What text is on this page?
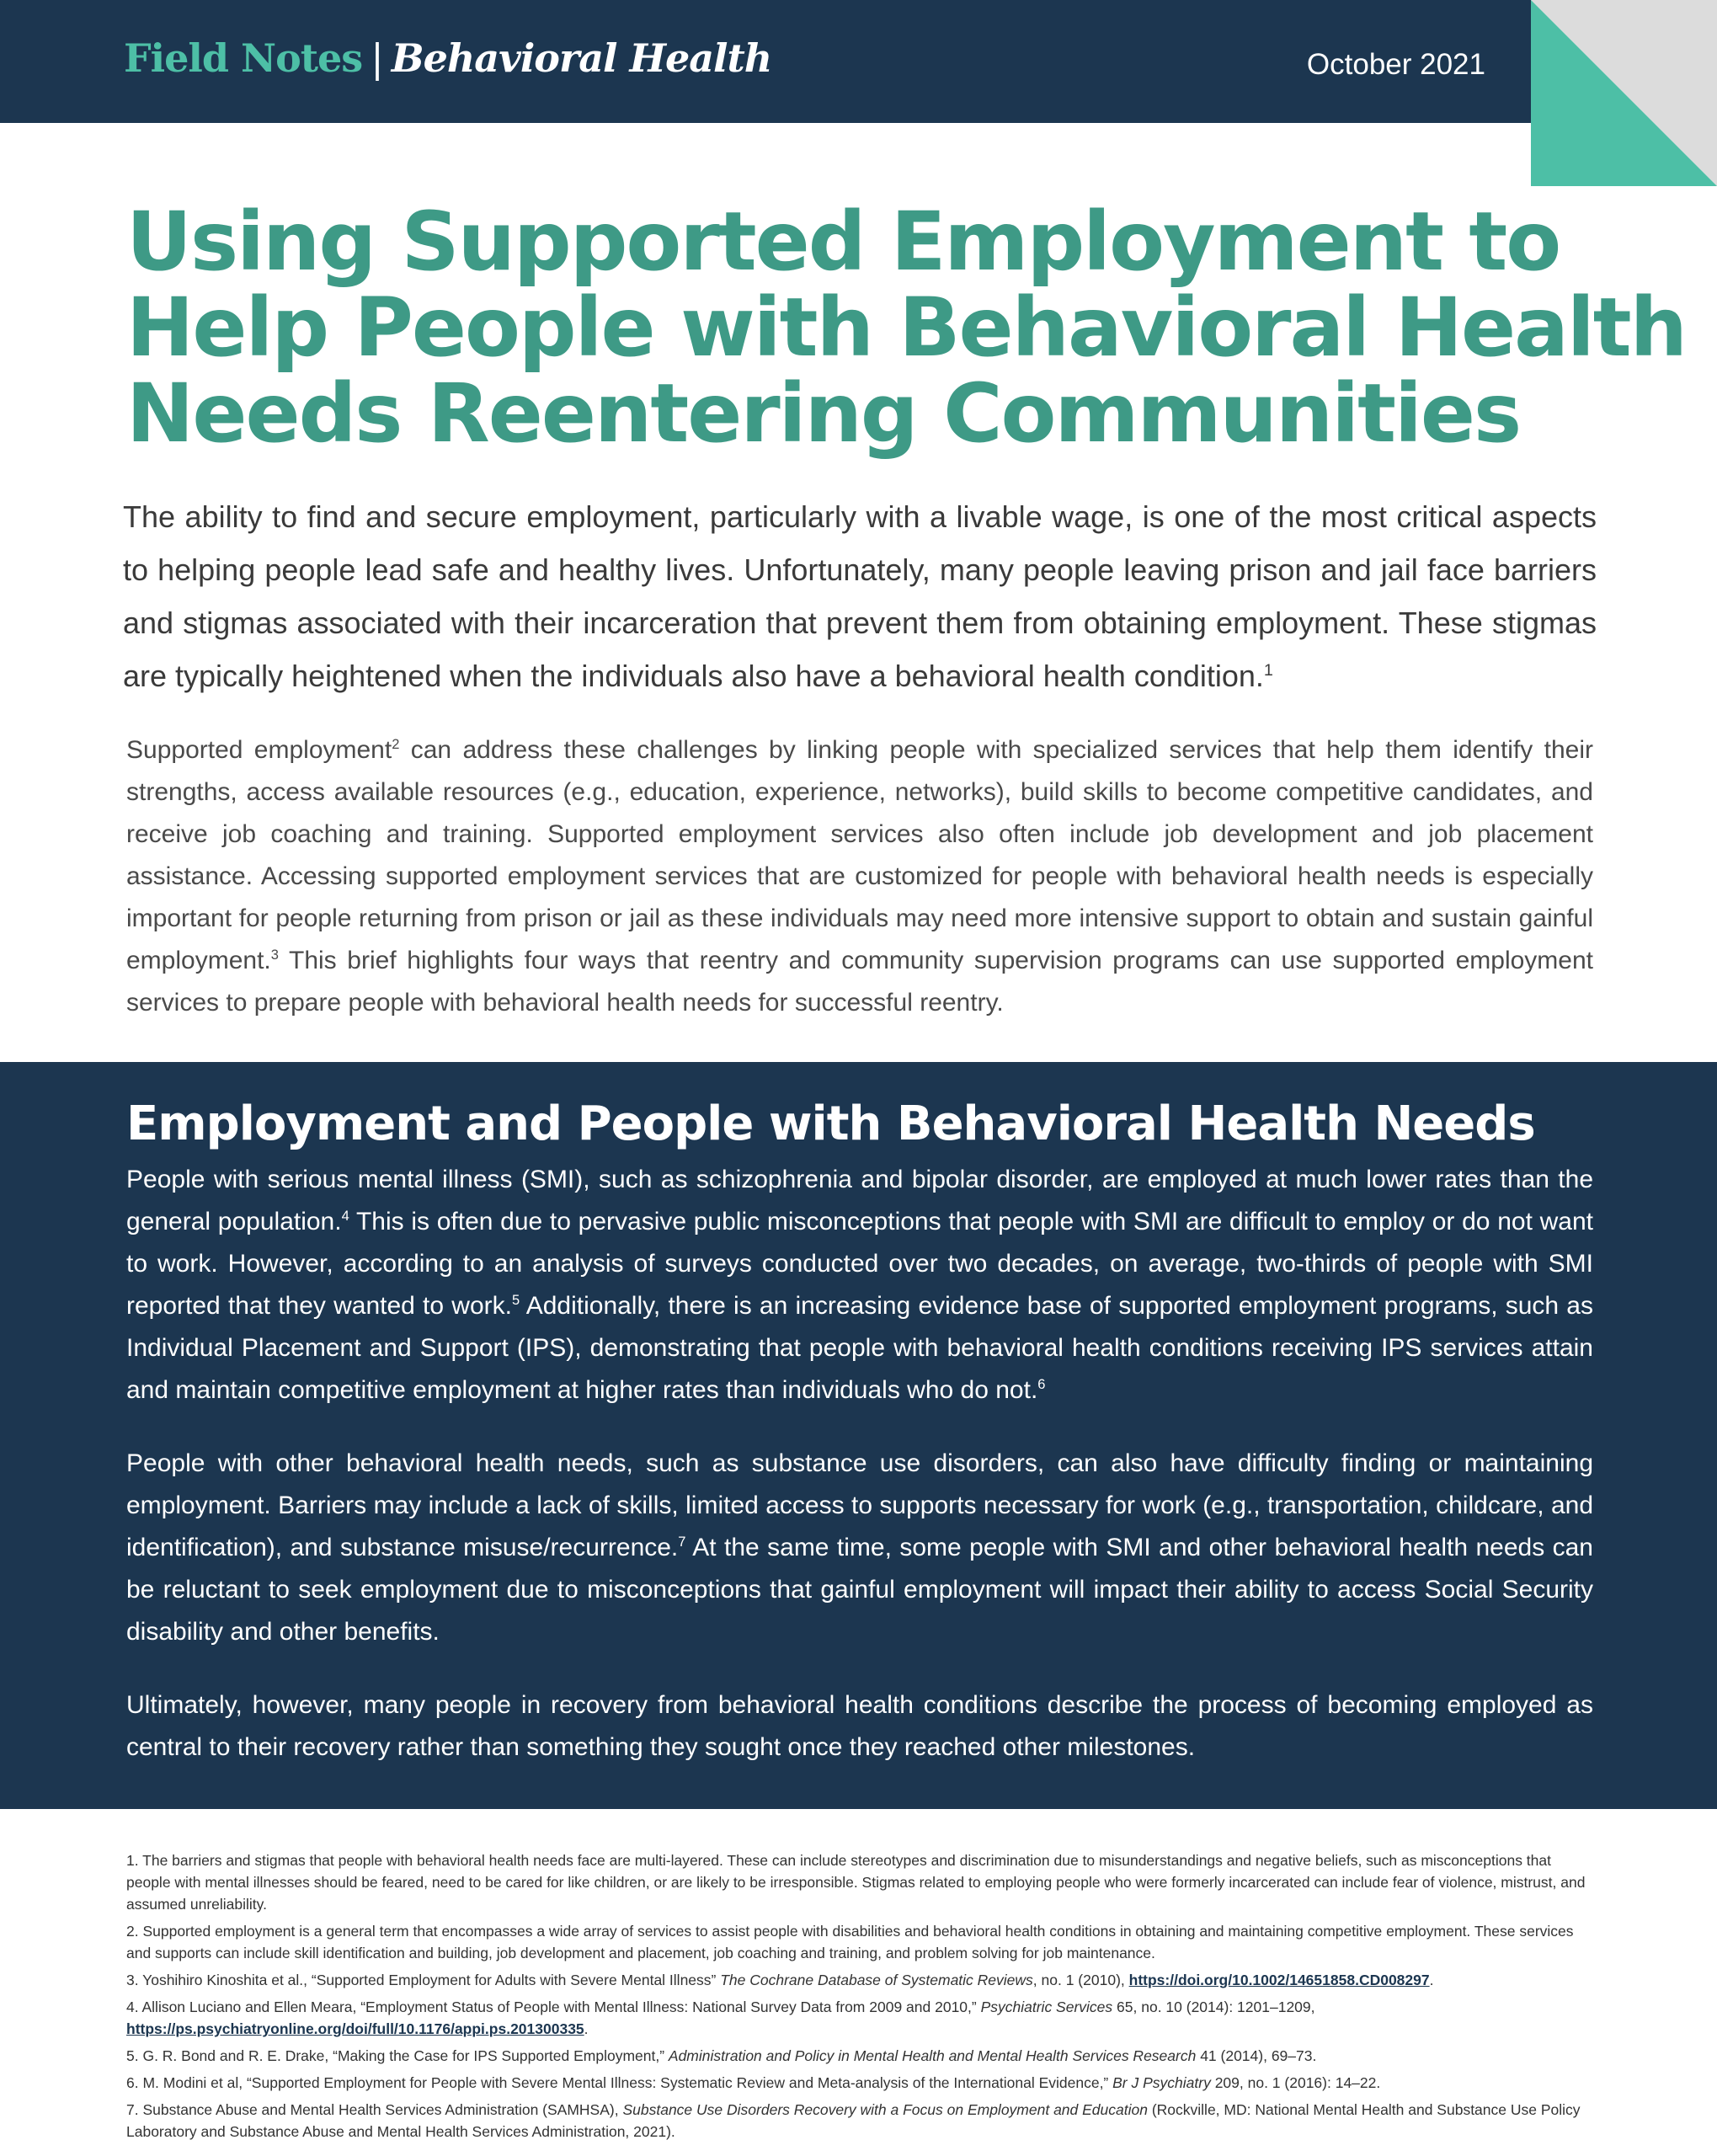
Field Notes | Behavioral Health	October 2021
Using Supported Employment to
Help People with Behavioral Health
Needs Reentering Communities

The ability to find and secure employment, particularly with a livable wage, is one of the most critical aspects to helping people lead safe and healthy lives. Unfortunately, many people leaving prison and jail face barriers and stigmas associated with their incarceration that prevent them from obtaining employment. These stigmas are typically heightened when the individuals also have a behavioral health condition.$^1$

Supported employment$^2$ can address these challenges by linking people with specialized services that help them identify their strengths, access available resources (e.g., education, experience, networks), build skills to become competitive candidates, and receive job coaching and training. Supported employment services also often include job development and job placement assistance. Accessing supported employment services that are customized for people with behavioral health needs is especially important for people returning from prison or jail as these individuals may need more intensive support to obtain and sustain gainful employment.$^3$ This brief highlights four ways that reentry and community supervision programs can use supported employment services to prepare people with behavioral health needs for successful reentry.

Employment and People with Behavioral Health Needs

People with serious mental illness (SMI), such as schizophrenia and bipolar disorder, are employed at much lower rates than the general population.$^4$ This is often due to pervasive public misconceptions that people with SMI are difficult to employ or do not want to work. However, according to an analysis of surveys conducted over two decades, on average, two-thirds of people with SMI reported that they wanted to work.$^5$ Additionally, there is an increasing evidence base of supported employment programs, such as Individual Placement and Support (IPS), demonstrating that people with behavioral health conditions receiving IPS services attain and maintain competitive employment at higher rates than individuals who do not.$^6$

People with other behavioral health needs, such as substance use disorders, can also have difficulty finding or maintaining employment. Barriers may include a lack of skills, limited access to supports necessary for work (e.g., transportation, childcare, and identification), and substance misuse/recurrence.$^7$ At the same time, some people with SMI and other behavioral health needs can be reluctant to seek employment due to misconceptions that gainful employment will impact their ability to access Social Security disability and other benefits.

Ultimately, however, many people in recovery from behavioral health conditions describe the process of becoming employed as central to their recovery rather than something they sought once they reached other milestones.

1. The barriers and stigmas that people with behavioral health needs face are multi-layered. These can include stereotypes and discrimination due to misunderstandings and negative beliefs, such as misconceptions that people with mental illnesses should be feared, need to be cared for like children, or are likely to be irresponsible. Stigmas related to employing people who were formerly incarcerated can include fear of violence, mistrust, and assumed unreliability.

2. Supported employment is a general term that encompasses a wide array of services to assist people with disabilities and behavioral health conditions in obtaining and maintaining competitive employment. These services and supports can include skill identification and building, job development and placement, job coaching and training, and problem solving for job maintenance.

3. Yoshihiro Kinoshita et al., “Supported Employment for Adults with Severe Mental Illness” The Cochrane Database of Systematic Reviews, no. 1 (2010), https://doi.org/10.1002/14651858.CD008297.

4. Allison Luciano and Ellen Meara, “Employment Status of People with Mental Illness: National Survey Data from 2009 and 2010,” Psychiatric Services 65, no. 10 (2014): 1201–1209, https://ps.psychiatryonline.org/doi/full/10.1176/appi.ps.201300335.

5. G. R. Bond and R. E. Drake, “Making the Case for IPS Supported Employment,” Administration and Policy in Mental Health and Mental Health Services Research 41 (2014), 69–73.

6. M. Modini et al, “Supported Employment for People with Severe Mental Illness: Systematic Review and Meta-analysis of the International Evidence,” Br J Psychiatry 209, no. 1 (2016): 14–22.

7. Substance Abuse and Mental Health Services Administration (SAMHSA), Substance Use Disorders Recovery with a Focus on Employment and Education (Rockville, MD: National Mental Health and Substance Use Policy Laboratory and Substance Abuse and Mental Health Services Administration, 2021).
